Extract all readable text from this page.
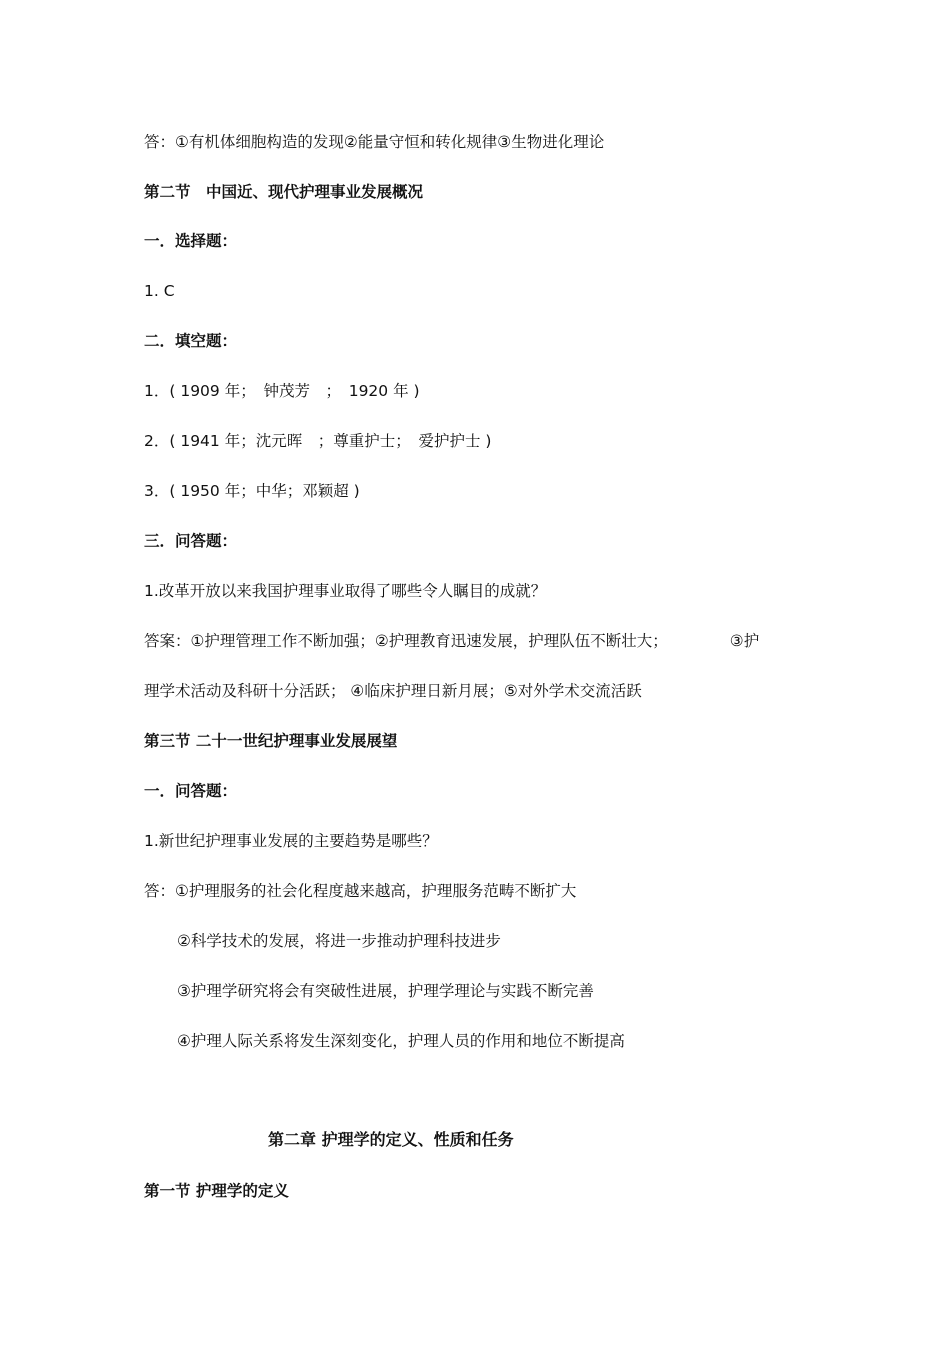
答：①有机体细胞构造的发现②能量守恒和转化规律③生物进化理论
第二节　中国近、现代护理事业发展概况
一．选择题：
1. C
二．填空题：
1．( 1909 年；　钟茂芳　；　1920 年 )
2．( 1941 年；沈元晖　；尊重护士；　爱护护士 )
3．( 1950 年；中华；邓颖超 )
三．问答题：
1.改革开放以来我国护理事业取得了哪些令人瞩目的成就？
答案：①护理管理工作不断加强；②护理教育迅速发展，护理队伍不断壮大；	③护
理学术活动及科研十分活跃； ④临床护理日新月展；⑤对外学术交流活跃
第三节 二十一世纪护理事业发展展望
一．问答题：
1.新世纪护理事业发展的主要趋势是哪些？
答：①护理服务的社会化程度越来越高，护理服务范畴不断扩大
②科学技术的发展，将进一步推动护理科技进步
③护理学研究将会有突破性进展，护理学理论与实践不断完善
④护理人际关系将发生深刻变化，护理人员的作用和地位不断提高
第二章 护理学的定义、性质和任务
第一节 护理学的定义
